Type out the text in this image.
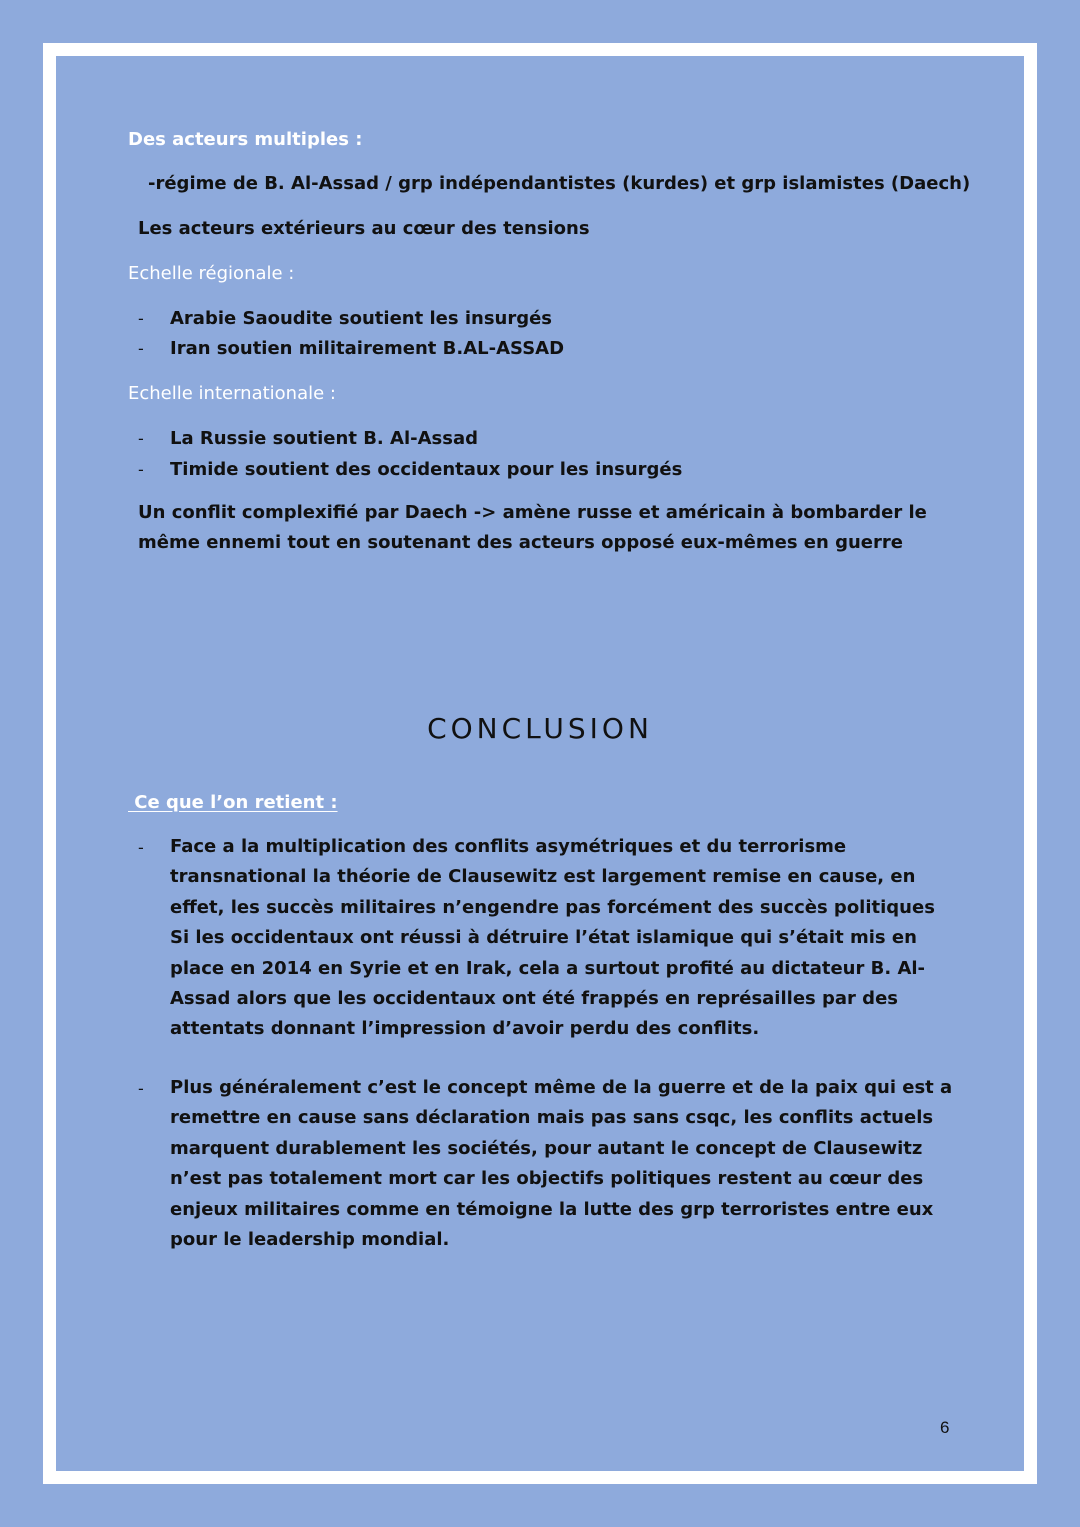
Des acteurs multiples :

-régime de B. Al-Assad / grp indépendantistes (kurdes) et grp islamistes (Daech)

Les acteurs extérieurs au cœur des tensions

Echelle régionale :

- Arabie Saoudite soutient les insurgés

- Iran soutien militairement B.AL-ASSAD

Echelle internationale :

- La Russie soutient B. Al-Assad

- Timide soutient des occidentaux pour les insurgés

Un conflit complexifié par Daech -> amène russe et américain à bombarder le même ennemi tout en soutenant des acteurs opposé eux-mêmes en guerre

CONCLUSION

Ce que l’on retient :

- Face a la multiplication des conflits asymétriques et du terrorisme transnational la théorie de Clausewitz est largement remise en cause, en effet, les succès militaires n’engendre pas forcément des succès politiques Si les occidentaux ont réussi à détruire l’état islamique qui s’était mis en place en 2014 en Syrie et en Irak, cela a surtout profité au dictateur B. Al-Assad alors que les occidentaux ont été frappés en représailles par des attentats donnant l’impression d’avoir perdu des conflits.

- Plus généralement c’est le concept même de la guerre et de la paix qui est a remettre en cause sans déclaration mais pas sans csqc, les conflits actuels marquent durablement les sociétés, pour autant le concept de Clausewitz n’est pas totalement mort car les objectifs politiques restent au cœur des enjeux militaires comme en témoigne la lutte des grp terroristes entre eux pour le leadership mondial.

6
